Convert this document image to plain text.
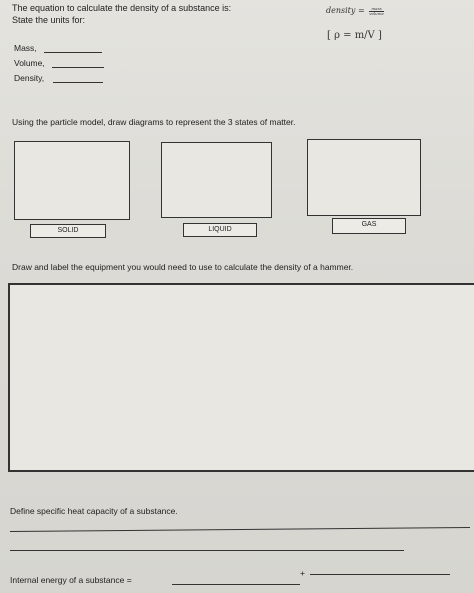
The equation to calculate the density of a substance is:
State the units for:
density = $\frac{\text{mass}}{\text{volume}}$
[ ρ = m/V ]
Mass,
Volume,
Density,
Using the particle model, draw diagrams to represent the 3 states of matter.
SOLID	LIQUID
GAS
Draw and label the equipment you would need to use to calculate the density of a hammer.
Define specific heat capacity of a substance.
Internal energy of a substance =
+
